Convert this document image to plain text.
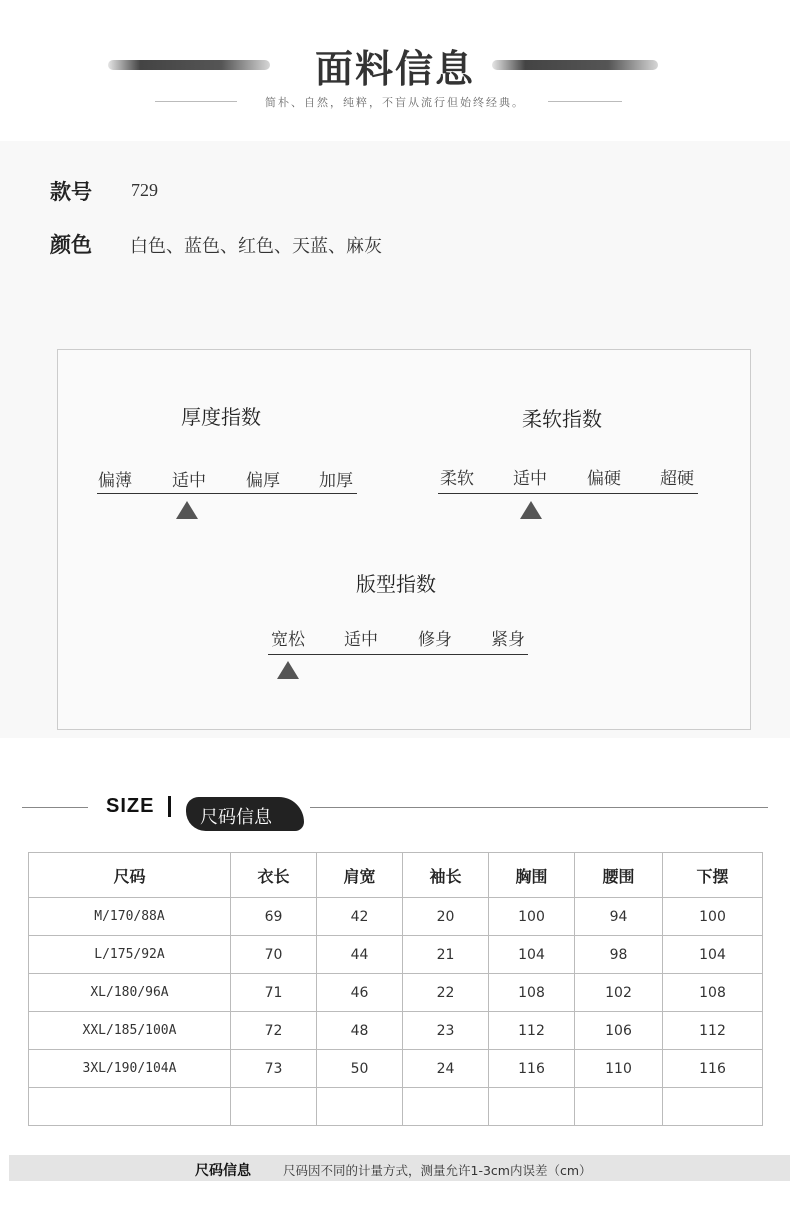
面料信息
简朴、自然，纯粹，不盲从流行但始终经典。
款号 729
颜色 白色、蓝色、红色、天蓝、麻灰
厚度指数
偏薄 适中 偏厚 加厚
柔软指数
柔软 适中 偏硬 超硬
版型指数
宽松 适中 修身 紧身
SIZE
尺码信息
尺码	衣长	肩宽	袖长	胸围	腰围	下摆
M/170/88A	69	42	20	100	94	100
L/175/92A	70	44	21	104	98	104
XL/180/96A	71	46	22	108	102	108
XXL/185/100A	72	48	23	112	106	112
3XL/190/104A	73	50	24	116	110	116

尺码信息	尺码因不同的计量方式，测量允许1-3cm内误差（cm）
